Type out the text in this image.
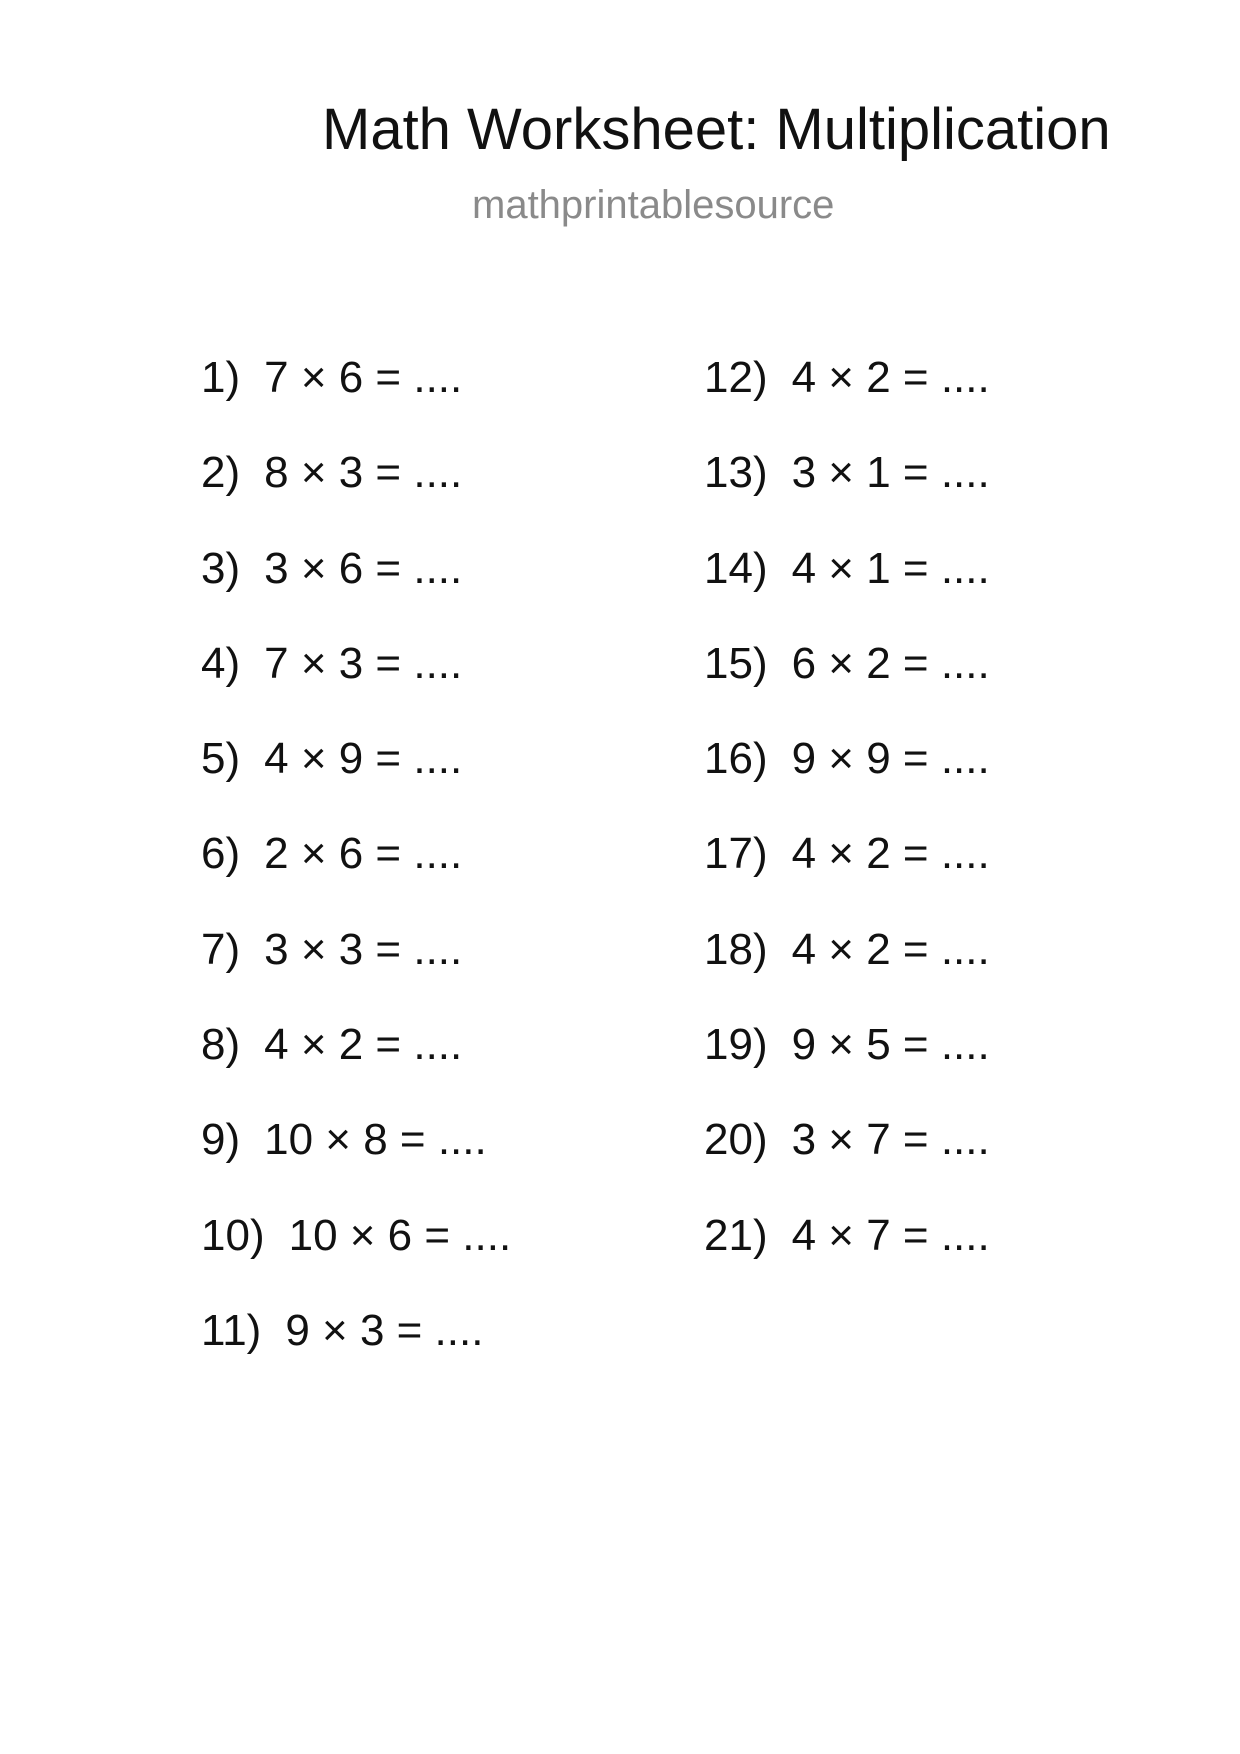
Math Worksheet: Multiplication
mathprintablesource
1) 7 × 6 = ....
2) 8 × 3 = ....
3) 3 × 6 = ....
4) 7 × 3 = ....
5) 4 × 9 = ....
6) 2 × 6 = ....
7) 3 × 3 = ....
8) 4 × 2 = ....
9) 10 × 8 = ....
10) 10 × 6 = ....
11) 9 × 3 = ....
12) 4 × 2 = ....
13) 3 × 1 = ....
14) 4 × 1 = ....
15) 6 × 2 = ....
16) 9 × 9 = ....
17) 4 × 2 = ....
18) 4 × 2 = ....
19) 9 × 5 = ....
20) 3 × 7 = ....
21) 4 × 7 = ....
